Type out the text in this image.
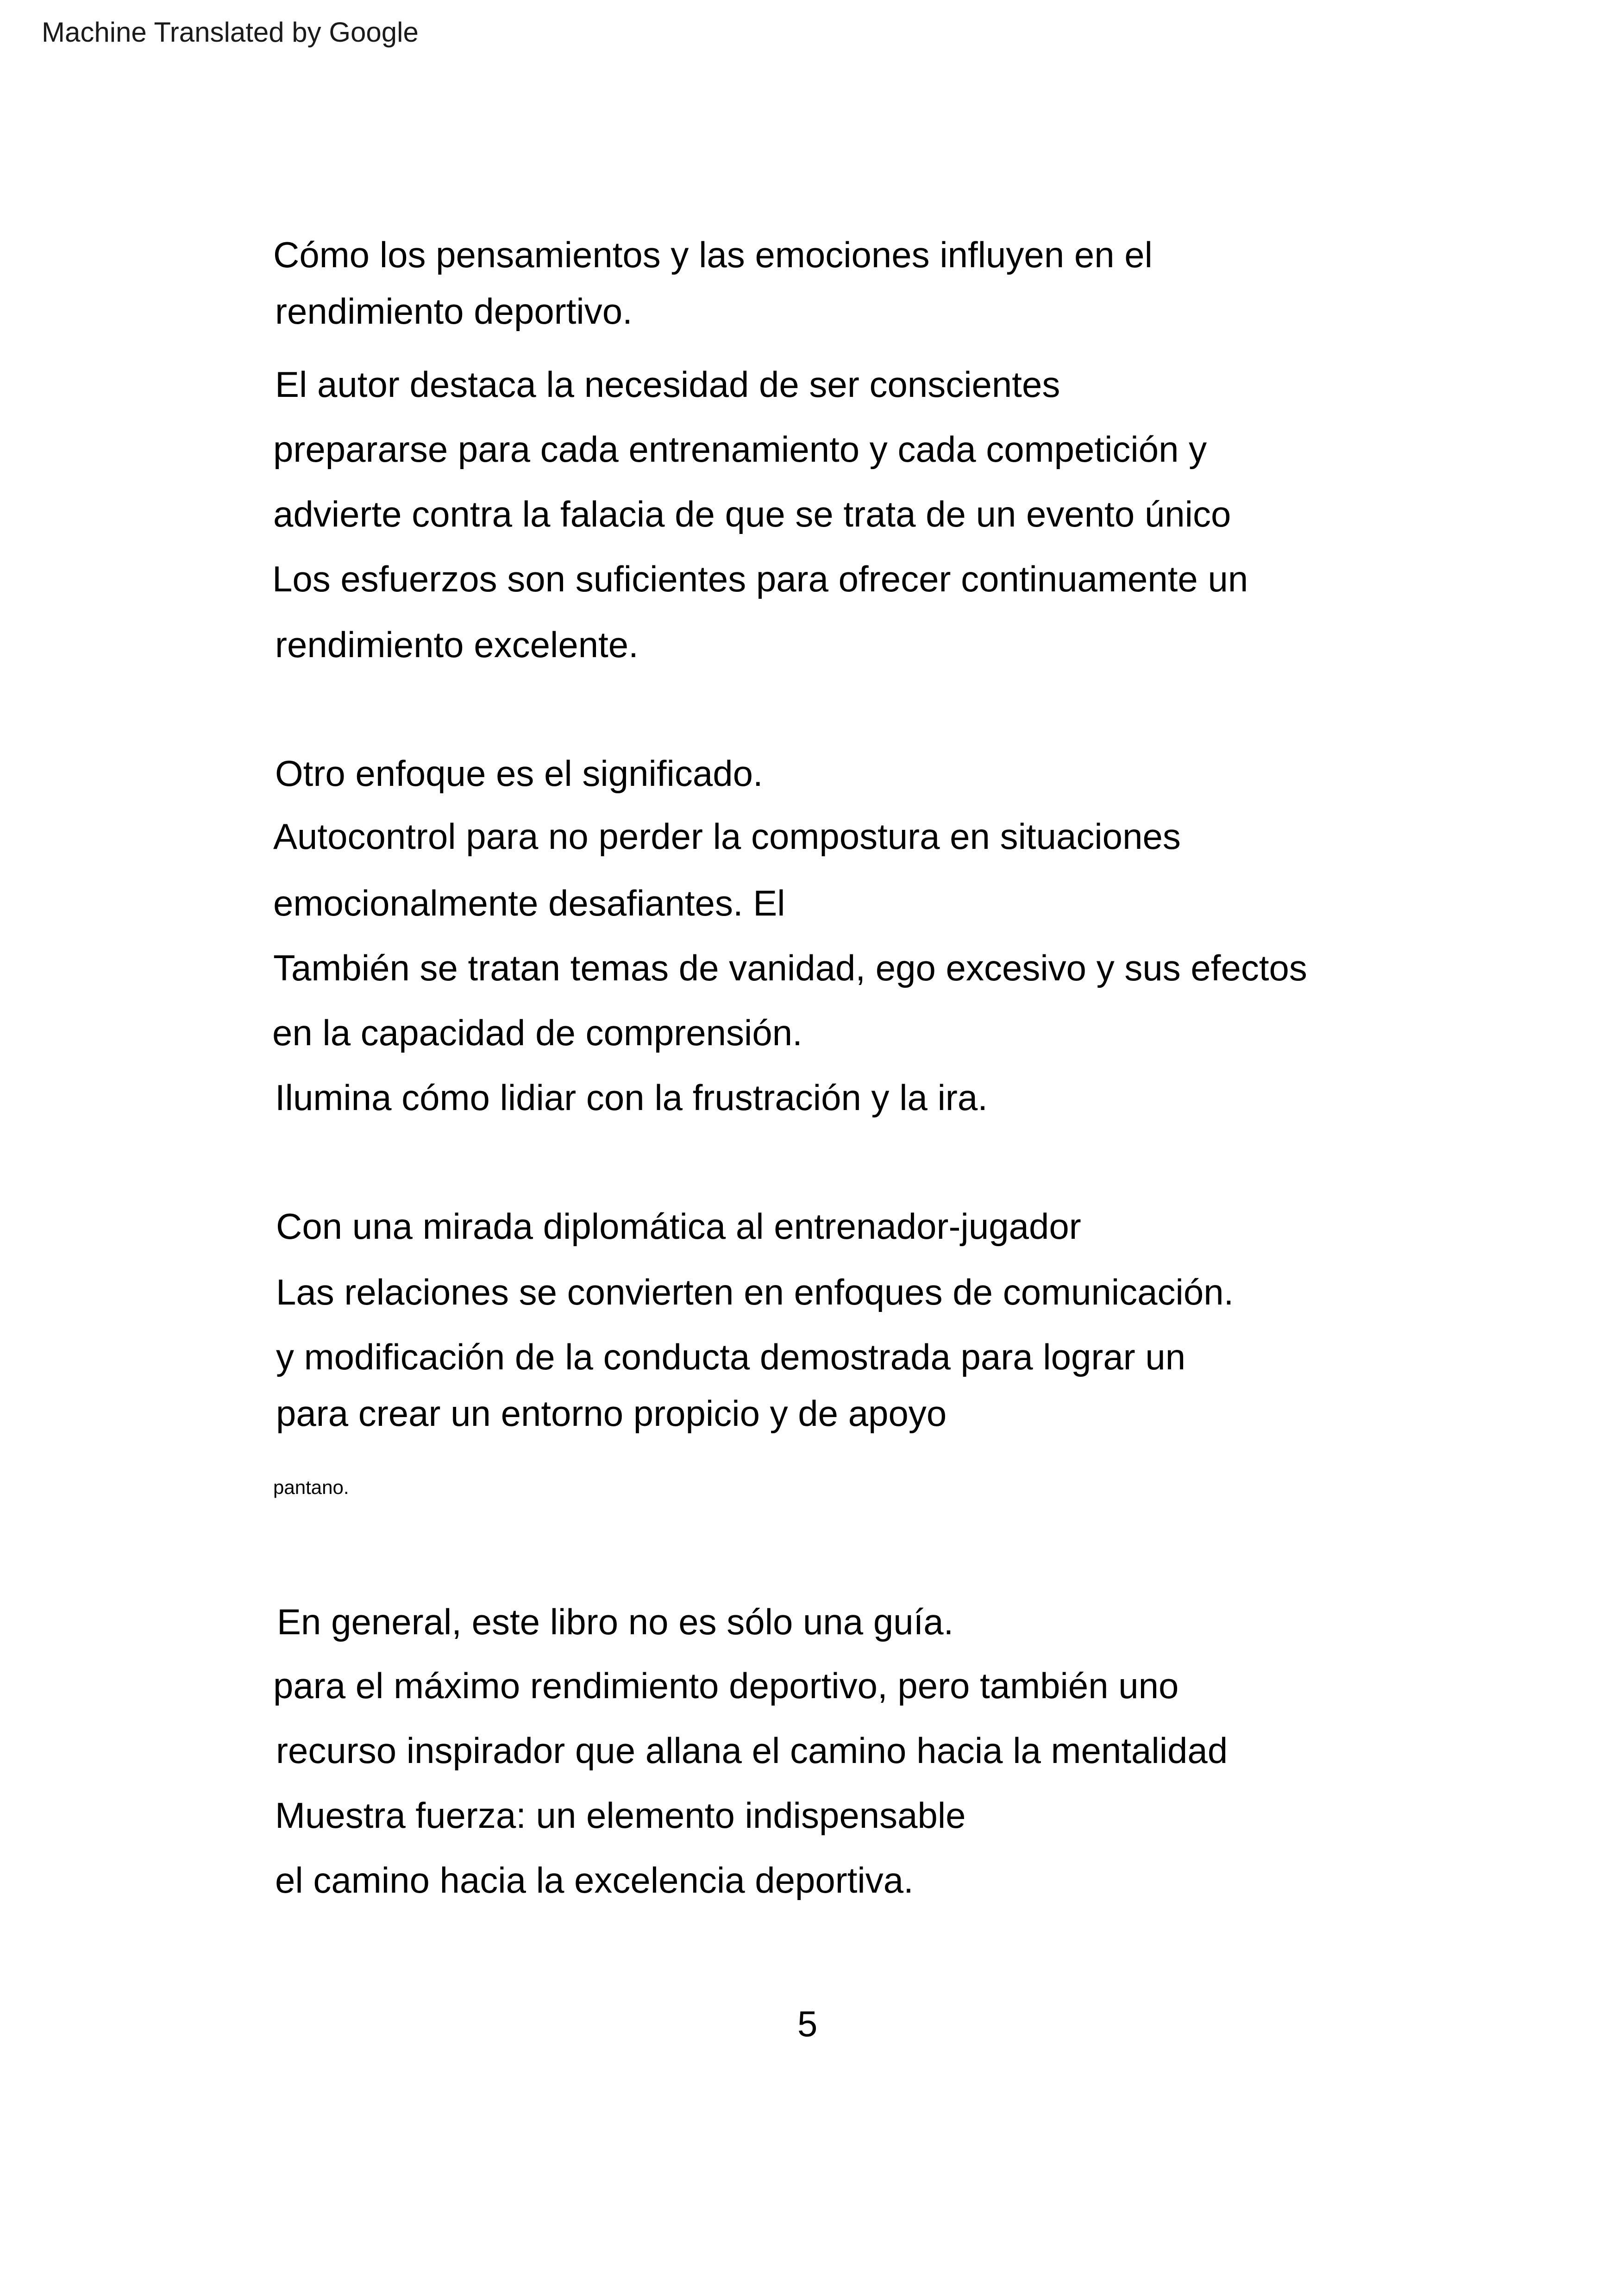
Machine Translated by Google
Cómo los pensamientos y las emociones influyen en el
rendimiento deportivo.
El autor destaca la necesidad de ser conscientes
prepararse para cada entrenamiento y cada competición y
advierte contra la falacia de que se trata de un evento único
Los esfuerzos son suficientes para ofrecer continuamente un
rendimiento excelente.
Otro enfoque es el significado.
Autocontrol para no perder la compostura en situaciones
emocionalmente desafiantes. El
También se tratan temas de vanidad, ego excesivo y sus efectos
en la capacidad de comprensión.
Ilumina cómo lidiar con la frustración y la ira.
Con una mirada diplomática al entrenador-jugador
Las relaciones se convierten en enfoques de comunicación.
y modificación de la conducta demostrada para lograr un
para crear un entorno propicio y de apoyo
pantano.
En general, este libro no es sólo una guía.
para el máximo rendimiento deportivo, pero también uno
recurso inspirador que allana el camino hacia la mentalidad
Muestra fuerza: un elemento indispensable
el camino hacia la excelencia deportiva.
5
